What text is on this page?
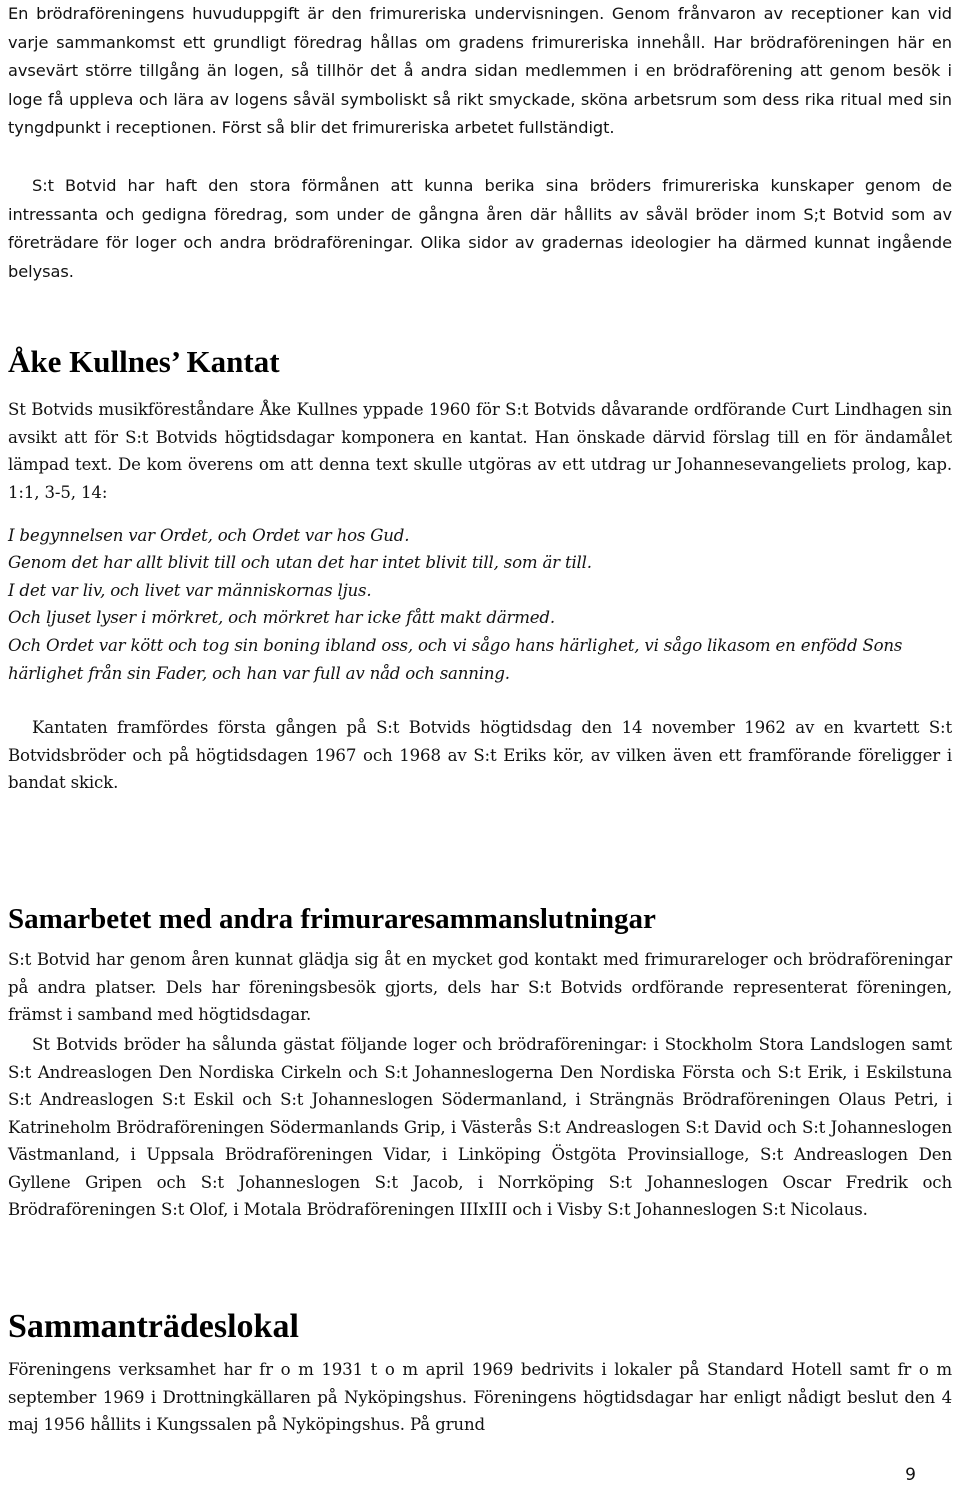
En brödraföreningens huvuduppgift är den frimureriska undervisningen. Genom frånvaron av receptioner kan vid varje sammankomst ett grundligt föredrag hållas om gradens frimureriska innehåll. Har brödraföreningen här en avsevärt större tillgång än logen, så tillhör det å andra sidan medlemmen i en brödraförening att genom besök i loge få uppleva och lära av logens såväl symboliskt så rikt smyckade, sköna arbetsrum som dess rika ritual med sin tyngdpunkt i receptionen. Först så blir det frimureriska arbetet fullständigt.

S:t Botvid har haft den stora förmånen att kunna berika sina bröders frimureriska kunskaper genom de intressanta och gedigna föredrag, som under de gångna åren där hållits av såväl bröder inom S;t Botvid som av företrädare för loger och andra brödraföreningar. Olika sidor av gradernas ideologier ha därmed kunnat ingående belysas.

Åke Kullnes’ Kantat

St Botvids musikföreståndare Åke Kullnes yppade 1960 för S:t Botvids dåvarande ordförande Curt Lindhagen sin avsikt att för S:t Botvids högtidsdagar komponera en kantat. Han önskade därvid förslag till en för ändamålet lämpad text. De kom överens om att denna text skulle utgöras av ett utdrag ur Johannesevangeliets prolog, kap. 1:1, 3-5, 14:

I begynnelsen var Ordet, och Ordet var hos Gud.

Genom det har allt blivit till och utan det har intet blivit till, som är till.

I det var liv, och livet var människornas ljus.

Och ljuset lyser i mörkret, och mörkret har icke fått makt därmed.

Och Ordet var kött och tog sin boning ibland oss, och vi sågo hans härlighet, vi sågo likasom en enfödd Sons härlighet från sin Fader, och han var full av nåd och sanning.

Kantaten framfördes första gången på S:t Botvids högtidsdag den 14 november 1962 av en kvartett S:t Botvidsbröder och på högtidsdagen 1967 och 1968 av S:t Eriks kör, av vilken även ett framförande föreligger i bandat skick.

Samarbetet med andra frimuraresammanslutningar

S:t Botvid har genom åren kunnat glädja sig åt en mycket god kontakt med frimurareloger och brödraföreningar på andra platser. Dels har föreningsbesök gjorts, dels har S:t Botvids ordförande representerat föreningen, främst i samband med högtidsdagar.

St Botvids bröder ha sålunda gästat följande loger och brödraföreningar: i Stockholm Stora Landslogen samt S:t Andreaslogen Den Nordiska Cirkeln och S:t Johanneslogerna Den Nordiska Första och S:t Erik, i Eskilstuna S:t Andreaslogen S:t Eskil och S:t Johanneslogen Södermanland, i Strängnäs Brödraföreningen Olaus Petri, i Katrineholm Brödraföreningen Södermanlands Grip, i Västerås S:t Andreaslogen S:t David och S:t Johanneslogen Västmanland, i Uppsala Brödraföreningen Vidar, i Linköping Östgöta Provinsialloge, S:t Andreaslogen Den Gyllene Gripen och S:t Johanneslogen S:t Jacob, i Norrköping S:t Johanneslogen Oscar Fredrik och Brödraföreningen S:t Olof, i Motala Brödraföreningen IIIxIII och i Visby S:t Johanneslogen S:t Nicolaus.

Sammanträdeslokal

Föreningens verksamhet har fr o m 1931 t o m april 1969 bedrivits i lokaler på Standard Hotell samt fr o m september 1969 i Drottningkällaren på Nyköpingshus. Föreningens högtidsdagar har enligt nådigt beslut den 4 maj 1956 hållits i Kungssalen på Nyköpingshus. På grund

9
